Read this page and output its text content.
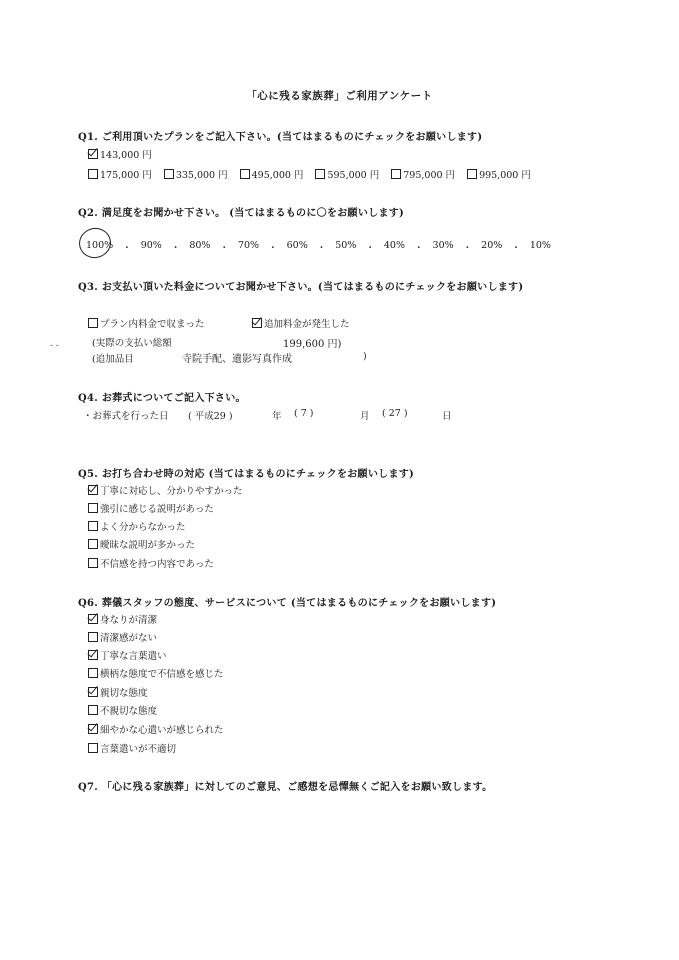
「心に残る家族葬」ご利用アンケート
Q1. ご利用頂いたプランをご記入下さい。(当てはまるものにチェックをお願いします)
143,000 円
175,000 円	335,000 円	495,000 円	595,000 円	795,000 円	995,000 円
Q2. 満足度をお聞かせ下さい。 (当てはまるものに〇をお願いします)
100% ・ 90% ・ 80% ・ 70% ・ 60% ・ 50% ・ 40% ・ 30% ・ 20% ・ 10%
Q3. お支払い頂いた料金についてお聞かせ下さい。(当てはまるものにチェックをお願いします)
プラン内料金で収まった	追加料金が発生した
- -	(実際の支払い総額	199,600 円)
(追加品目	寺院手配、遺影写真作成	)
Q4. お葬式についてご記入下さい。
・お葬式を行った日 ( 平成29 )	年 ( 7 )	月 ( 27 )	日
Q5. お打ち合わせ時の対応 (当てはまるものにチェックをお願いします)
丁寧に対応し、分かりやすかった
強引に感じる説明があった
よく分からなかった
曖昧な説明が多かった
不信感を持つ内容であった
Q6. 葬儀スタッフの態度、サービスについて (当てはまるものにチェックをお願いします)
身なりが清潔
清潔感がない
丁寧な言葉遣い
横柄な態度で不信感を感じた
親切な態度
不親切な態度
細やかな心遣いが感じられた
言葉遣いが不適切
Q7. 「心に残る家族葬」に対してのご意見、ご感想を忌憚無くご記入をお願い致します。
